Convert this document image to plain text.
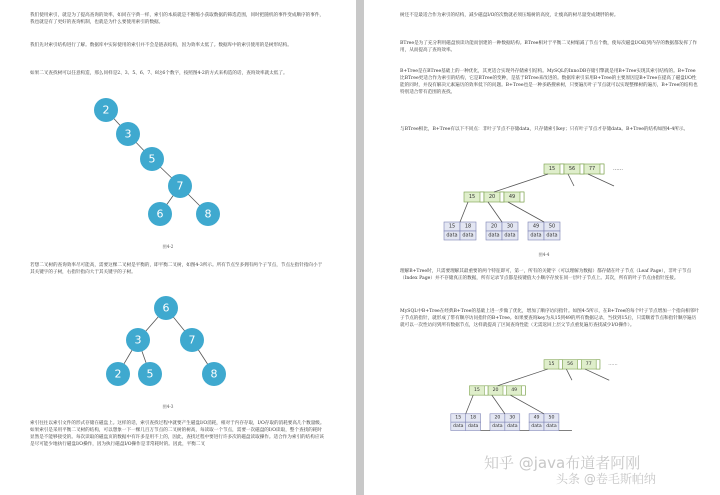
我们使用索引，就是为了提高查询的效率，如同在字典一样，索引的本质就是不断缩小获取数据的筛选范围，同时把随机的事件变成顺序的事件，我也就是有了更好的查询机制，也就是为什么要使用索引的数据。

我们先对索引结构进行了解。数据库中实际使用的索引并不会是链表结构，因为效率太低了。数据库中的索引使用的是树形结构。

如果二叉查找树可以任意构造，那么同样是2、3、5、6、7、8这6个数字，按照图4-2的方式来构造的话，查询效率就太低了。

2
3
5
7
6	8

图4-2

若想二叉树的查询效率尽可能高，需要这棵二叉树是平衡的，即平衡二叉树，如图4-3所示。所有节点至多拥有两个子节点，节点左指针指向小于其关键字的子树，右指针指向大于其关键字的子树。

6
3	7
2 5	8

图4-3

索引往往以索引文件的形式存储在磁盘上。这样的话，索引查找过程中就要产生磁盘I/O消耗，相对于内存存取，I/O存取的消耗要高几个数量级。如果索引是采用平衡二叉树的结构，可以想象一下一棵几百万节点的二叉树的树高，每读取一个节点，需要一次磁盘的I/O读取，整个查找的耗时显然是不能够接受的。每次读取的磁盘页的数据中有许多是用不上的，因此，查找过程中要进行许多次的磁盘读取操作。适合作为索引的结构应该是尽可能少地执行磁盘I/O操作，因为执行磁盘I/O操作是非常耗时的。因此，平衡二叉

树还不是最适合作为索引的结构，减少磁盘I/O的次数就必须压缩树的高度，让瘦高的树尽量变成矮胖的树。

BTree是为了充分利用磁盘预读功能而创建的一种数据结构。BTree相对于平衡二叉树缩减了节点个数，使每次磁盘I/O取到内存的数据都发挥了作用，从而提高了查询效率。

B+Tree是在BTree基础上的一种优化，其更适合实现外存储索引结构。MySQL的InnoDB存储引擎就是用B+Tree实现其索引结构的。B+Tree比BTree更适合作为索引的结构，它是BTree的变种，是基于BTree来改进的。数据库索引采用B+Tree的主要原因是B+Tree在提高了磁盘I/O性能的同时，并没有解决元素遍历的效率低下的问题。B+Tree也是一种多路搜索树，只要遍历叶子节点就可以实现整棵树的遍历，B+Tree的结构也特别适合带有范围的查找。

与BTree相比，B+Tree有以下不同点：非叶子节点不存储data，只存储索引key；只有叶子节点才存储data。B+Tree的结构如图4-4所示。

15	56	77	……
15	20	49
15
data
18
data
20
data
30
data
49
data
50
data

图4-4

理解B+Tree时，只需要理解其最重要的两个特征即可，第一，所有的关键字（可以理解为数据）都存储在叶子节点（Leaf Page），非叶子节点（Index Page）并不存储真正的数据，所有记录节点都是按键值大小顺序存放在同一层叶子节点上。其次，所有的叶子节点由指针连接。

MySQL中B+Tree在经典B+Tree的基础上进一步做了优化，增加了顺序访问指针。如图4-5所示，在B+Tree的每个叶子节点增加一个指向相邻叶子节点的指针，就形成了带有顺序访问指针的B+Tree。如果要查询key为从15到49的所有数据记录，当找到15后，只需顺着节点和指针顺序遍历就可以一次性访问到所有数据节点，这样就提高了区间查询性能（无需返回上层父节点重复遍历查找减少I/O操作）。

15	56	77	……
15	20	49
15
data
18
data
20
data
30
data
49
data
50
data
知乎 @java布道者阿刚
头条 @卷毛斯帕纳
